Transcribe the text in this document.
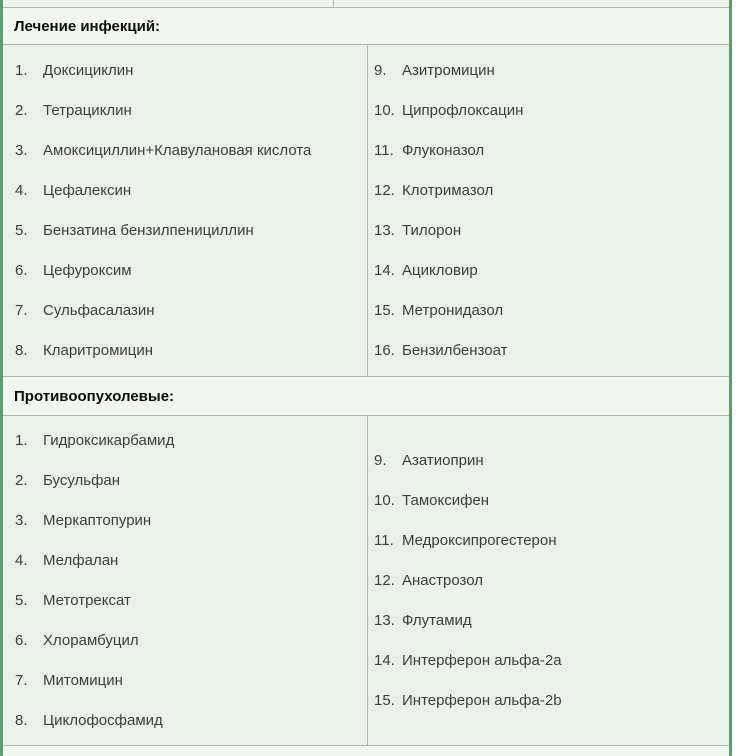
Лечение инфекций:
1.	Доксициклин
2.	Тетрациклин
3.	Амоксициллин+Клавулановая кислота
4.	Цефалексин
5.	Бензатина бензилпенициллин
6.	Цефуроксим
7.	Сульфасалазин
8.	Кларитромицин
9.	Азитромицин
10. Ципрофлоксацин
11. Флуконазол
12. Клотримазол
13. Тилорон
14. Ацикловир
15. Метронидазол
16. Бензилбензоат
Противоопухолевые:
1.	Гидроксикарбамид
2.	Бусульфан
3.	Меркаптопурин
4.	Мелфалан
5.	Метотрексат
6.	Хлорамбуцил
7.	Митомицин
8.	Циклофосфамид
9.	Азатиоприн
10. Тамоксифен
11. Медроксипрогестерон
12. Анастрозол
13. Флутамид
14. Интерферон альфа-2a
15. Интерферон альфа-2b
